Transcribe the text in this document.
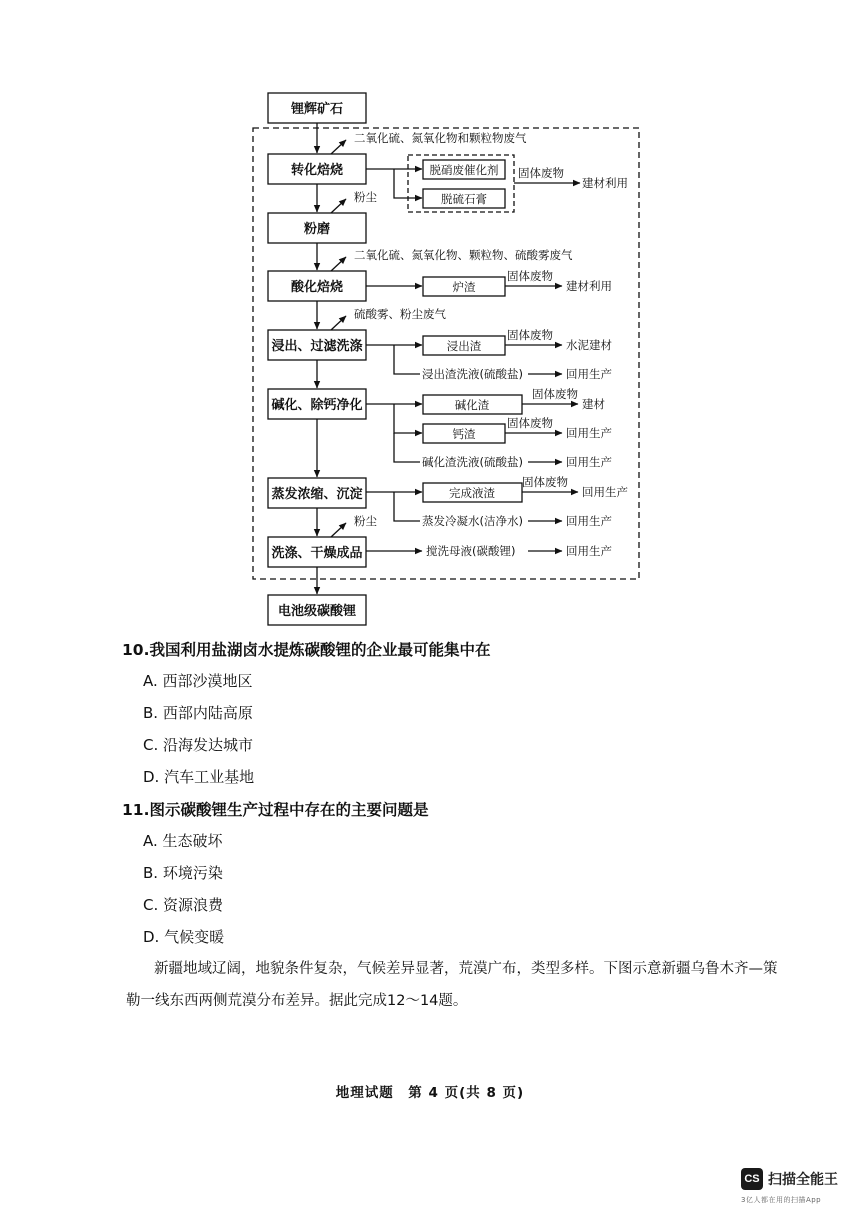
锂辉矿石
转化焙烧
粉磨
酸化焙烧
浸出、过滤洗涤
碱化、除钙净化
蒸发浓缩、沉淀
洗涤、干燥成品
电池级碳酸锂
脱硝废催化剂
脱硫石膏
炉渣
浸出渣
碱化渣
钙渣
完成液渣
二氧化硫、氮氧化物和颗粒物废气
粉尘
二氧化硫、氮氧化物、颗粒物、硫酸雾废气
硫酸雾、粉尘废气
粉尘
浸出渣洗液(硫酸盐)
碱化渣洗液(硫酸盐)
蒸发冷凝水(洁净水)
搅洗母液(碳酸锂)
固体废物
固体废物
固体废物
固体废物
固体废物
固体废物
建材利用
建材利用
水泥建材
回用生产
建材
回用生产
回用生产
回用生产
回用生产
回用生产
10.我国利用盐湖卤水提炼碳酸锂的企业最可能集中在
A. 西部沙漠地区
B. 西部内陆高原
C. 沿海发达城市
D. 汽车工业基地
11.图示碳酸锂生产过程中存在的主要问题是
A. 生态破坏
B. 环境污染
C. 资源浪费
D. 气候变暖
新疆地域辽阔，地貌条件复杂，气候差异显著，荒漠广布，类型多样。下图示意新疆乌鲁木齐—策勒一线东西两侧荒漠分布差异。据此完成12～14题。
地理试题　第 4 页(共 8 页)
CS 扫描全能王
3亿人都在用的扫描App
